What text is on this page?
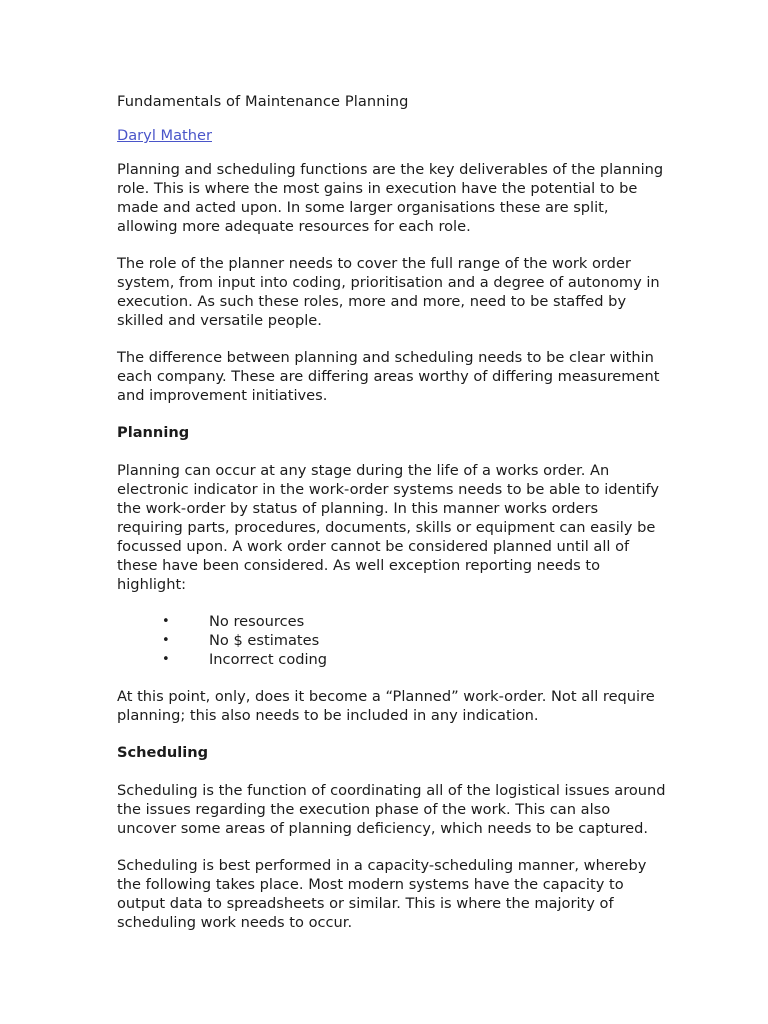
Fundamentals of Maintenance Planning
Daryl Mather

Planning and scheduling functions are the key deliverables of the planning role. This is where the most gains in execution have the potential to be made and acted upon. In some larger organisations these are split, allowing more adequate resources for each role.

The role of the planner needs to cover the full range of the work order system, from input into coding, prioritisation and a degree of autonomy in execution. As such these roles, more and more, need to be staffed by skilled and versatile people.

The difference between planning and scheduling needs to be clear within each company. These are differing areas worthy of differing measurement and improvement initiatives.

Planning

Planning can occur at any stage during the life of a works order. An electronic indicator in the work-order systems needs to be able to identify the work-order by status of planning. In this manner works orders requiring parts, procedures, documents, skills or equipment can easily be focussed upon. A work order cannot be considered planned until all of these have been considered. As well exception reporting needs to highlight:

•	No resources
•	No $ estimates
•	Incorrect coding

At this point, only, does it become a “Planned” work-order. Not all require planning; this also needs to be included in any indication.

Scheduling

Scheduling is the function of coordinating all of the logistical issues around the issues regarding the execution phase of the work. This can also uncover some areas of planning deficiency, which needs to be captured.

Scheduling is best performed in a capacity-scheduling manner, whereby the following takes place. Most modern systems have the capacity to output data to spreadsheets or similar. This is where the majority of scheduling work needs to occur.
